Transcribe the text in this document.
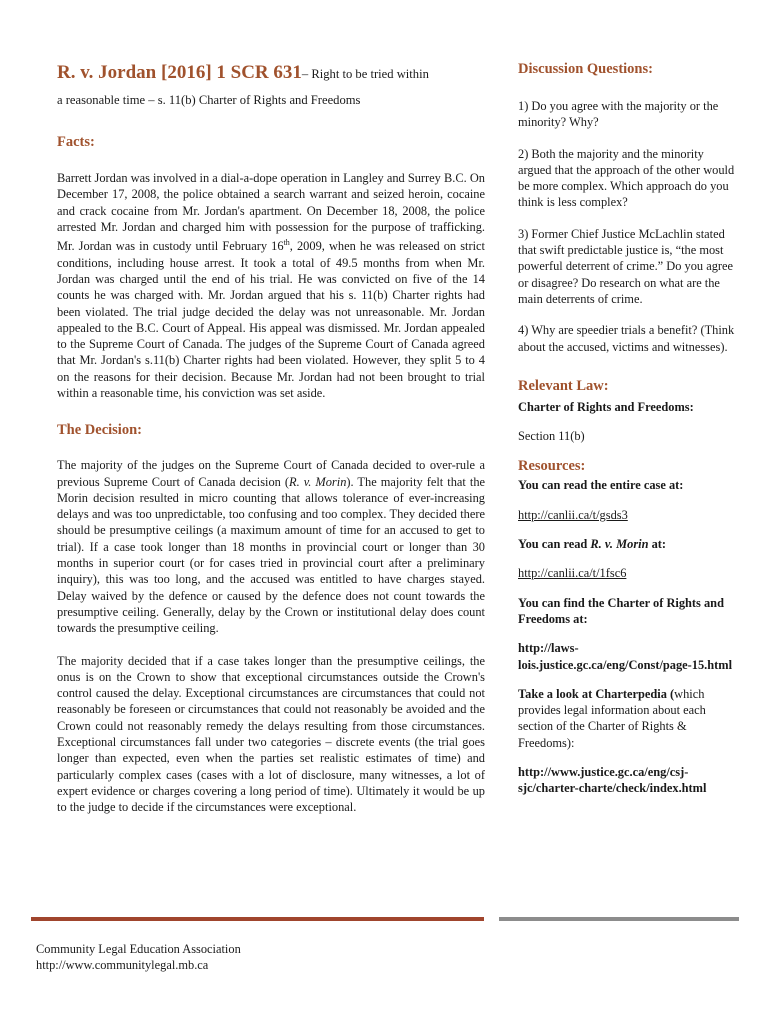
R. v. Jordan [2016] 1 SCR 631– Right to be tried within
a reasonable time – s. 11(b) Charter of Rights and Freedoms
Facts:

Barrett Jordan was involved in a dial-a-dope operation in Langley and Surrey B.C. On December 17, 2008, the police obtained a search warrant and seized heroin, cocaine and crack cocaine from Mr. Jordan's apartment. On December 18, 2008, the police arrested Mr. Jordan and charged him with possession for the purpose of trafficking. Mr. Jordan was in custody until February 16th, 2009, when he was released on strict conditions, including house arrest. It took a total of 49.5 months from when Mr. Jordan was charged until the end of his trial. He was convicted on five of the 14 counts he was charged with. Mr. Jordan argued that his s. 11(b) Charter rights had been violated. The trial judge decided the delay was not unreasonable. Mr. Jordan appealed to the B.C. Court of Appeal. His appeal was dismissed. Mr. Jordan appealed to the Supreme Court of Canada. The judges of the Supreme Court of Canada agreed that Mr. Jordan's s.11(b) Charter rights had been violated. However, they split 5 to 4 on the reasons for their decision. Because Mr. Jordan had not been brought to trial within a reasonable time, his conviction was set aside.

The Decision:

The majority of the judges on the Supreme Court of Canada decided to over-rule a previous Supreme Court of Canada decision (R. v. Morin). The majority felt that the Morin decision resulted in micro counting that allows tolerance of ever-increasing delays and was too unpredictable, too confusing and too complex. They decided there should be presumptive ceilings (a maximum amount of time for an accused to get to trial). If a case took longer than 18 months in provincial court or longer than 30 months in superior court (or for cases tried in provincial court after a preliminary inquiry), this was too long, and the accused was entitled to have charges stayed. Delay waived by the defence or caused by the defence does not count towards the presumptive ceiling. Generally, delay by the Crown or institutional delay does count towards the presumptive ceiling.

The majority decided that if a case takes longer than the presumptive ceilings, the onus is on the Crown to show that exceptional circumstances outside the Crown's control caused the delay. Exceptional circumstances are circumstances that could not reasonably be foreseen or circumstances that could not reasonably be avoided and the Crown could not reasonably remedy the delays resulting from those circumstances. Exceptional circumstances fall under two categories – discrete events (the trial goes longer than expected, even when the parties set realistic estimates of time) and particularly complex cases (cases with a lot of disclosure, many witnesses, a lot of expert evidence or charges covering a long period of time). Ultimately it would be up to the judge to decide if the circumstances were exceptional.

Discussion Questions:

1) Do you agree with the majority or the minority? Why?

2) Both the majority and the minority argued that the approach of the other would be more complex. Which approach do you think is less complex?

3) Former Chief Justice McLachlin stated that swift predictable justice is, “the most powerful deterrent of crime.” Do you agree or disagree? Do research on what are the main deterrents of crime.

4) Why are speedier trials a benefit? (Think about the accused, victims and witnesses).

Relevant Law:

Charter of Rights and Freedoms:

Section 11(b)

Resources:

You can read the entire case at:

http://canlii.ca/t/gsds3

You can read R. v. Morin at:

http://canlii.ca/t/1fsc6

You can find the Charter of Rights and Freedoms at:

http://laws-lois.justice.gc.ca/eng/Const/page-15.html

Take a look at Charterpedia (which provides legal information about each section of the Charter of Rights & Freedoms):

http://www.justice.gc.ca/eng/csj-sjc/charter-charte/check/index.html

Community Legal Education Association
http://www.communitylegal.mb.ca
